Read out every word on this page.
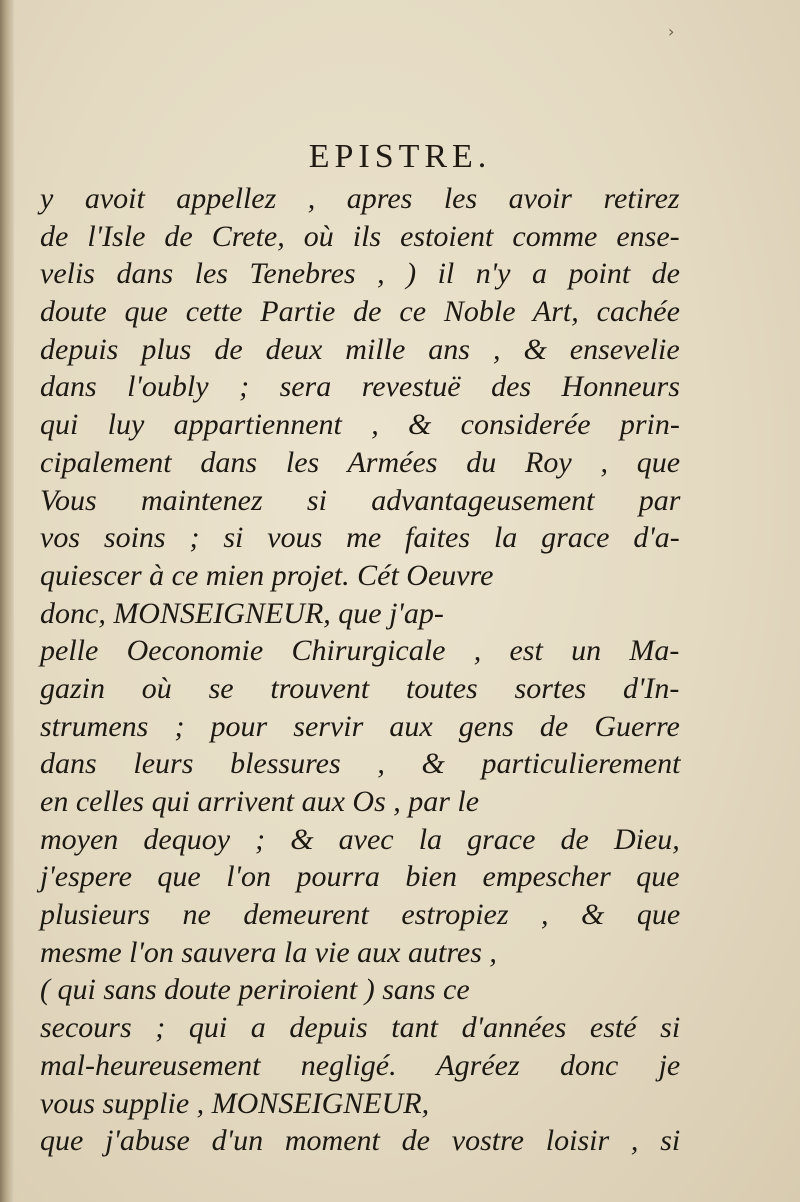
›
EPISTRE.
y avoit appellez , apres les avoir retirez
de l'Isle de Crete, où ils estoient comme ense-
velis dans les Tenebres , ) il n'y a point de
doute que cette Partie de ce Noble Art, cachée
depuis plus de deux mille ans , & ensevelie
dans l'oubly ; sera revestuë des Honneurs
qui luy appartiennent , & considerée prin-
cipalement dans les Armées du Roy , que
Vous maintenez si advantageusement par
vos soins ; si vous me faites la grace d'a-
quiescer à ce mien projet. Cét Oeuvre
donc, MONSEIGNEUR, que j'ap-
pelle Oeconomie Chirurgicale , est un Ma-
gazin où se trouvent toutes sortes d'In-
strumens ; pour servir aux gens de Guerre
dans leurs blessures , & particulierement
en celles qui arrivent aux Os , par le
moyen dequoy ; & avec la grace de Dieu,
j'espere que l'on pourra bien empescher que
plusieurs ne demeurent estropiez , & que
mesme l'on sauvera la vie aux autres ,
( qui sans doute periroient ) sans ce
secours ; qui a depuis tant d'années esté si
mal-heureusement negligé. Agréez donc je
vous supplie , MONSEIGNEUR,
que j'abuse d'un moment de vostre loisir , si
